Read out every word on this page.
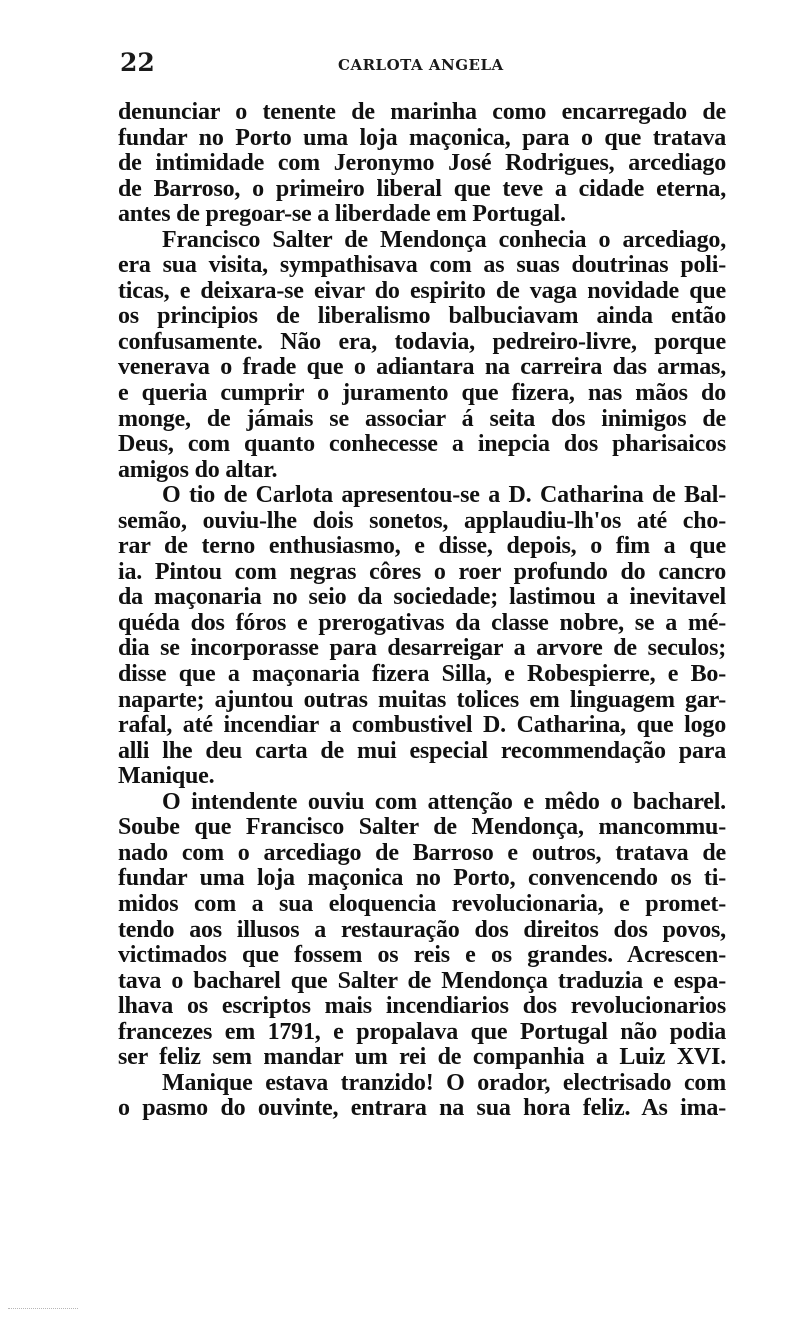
22	CARLOTA ANGELA
denunciar o tenente de marinha como encarregado de
fundar no Porto uma loja maçonica, para o que tratava
de intimidade com Jeronymo José Rodrigues, arcediago
de Barroso, o primeiro liberal que teve a cidade eterna,
antes de pregoar-se a liberdade em Portugal.
Francisco Salter de Mendonça conhecia o arcediago,
era sua visita, sympathisava com as suas doutrinas poli-
ticas, e deixara-se eivar do espirito de vaga novidade que
os principios de liberalismo balbuciavam ainda então
confusamente. Não era, todavia, pedreiro-livre, porque
venerava o frade que o adiantara na carreira das armas,
e queria cumprir o juramento que fizera, nas mãos do
monge, de jámais se associar á seita dos inimigos de
Deus, com quanto conhecesse a inepcia dos pharisaicos
amigos do altar.
O tio de Carlota apresentou-se a D. Catharina de Bal-
semão, ouviu-lhe dois sonetos, applaudiu-lh'os até cho-
rar de terno enthusiasmo, e disse, depois, o fim a que
ia. Pintou com negras côres o roer profundo do cancro
da maçonaria no seio da sociedade; lastimou a inevitavel
quéda dos fóros e prerogativas da classe nobre, se a mé-
dia se incorporasse para desarreigar a arvore de seculos;
disse que a maçonaria fizera Silla, e Robespierre, e Bo-
naparte; ajuntou outras muitas tolices em linguagem gar-
rafal, até incendiar a combustivel D. Catharina, que logo
alli lhe deu carta de mui especial recommendação para
Manique.
O intendente ouviu com attenção e mêdo o bacharel.
Soube que Francisco Salter de Mendonça, mancommu-
nado com o arcediago de Barroso e outros, tratava de
fundar uma loja maçonica no Porto, convencendo os ti-
midos com a sua eloquencia revolucionaria, e promet-
tendo aos illusos a restauração dos direitos dos povos,
victimados que fossem os reis e os grandes. Acrescen-
tava o bacharel que Salter de Mendonça traduzia e espa-
lhava os escriptos mais incendiarios dos revolucionarios
francezes em 1791, e propalava que Portugal não podia
ser feliz sem mandar um rei de companhia a Luiz XVI.
Manique estava tranzido! O orador, electrisado com
o pasmo do ouvinte, entrara na sua hora feliz. As ima-
